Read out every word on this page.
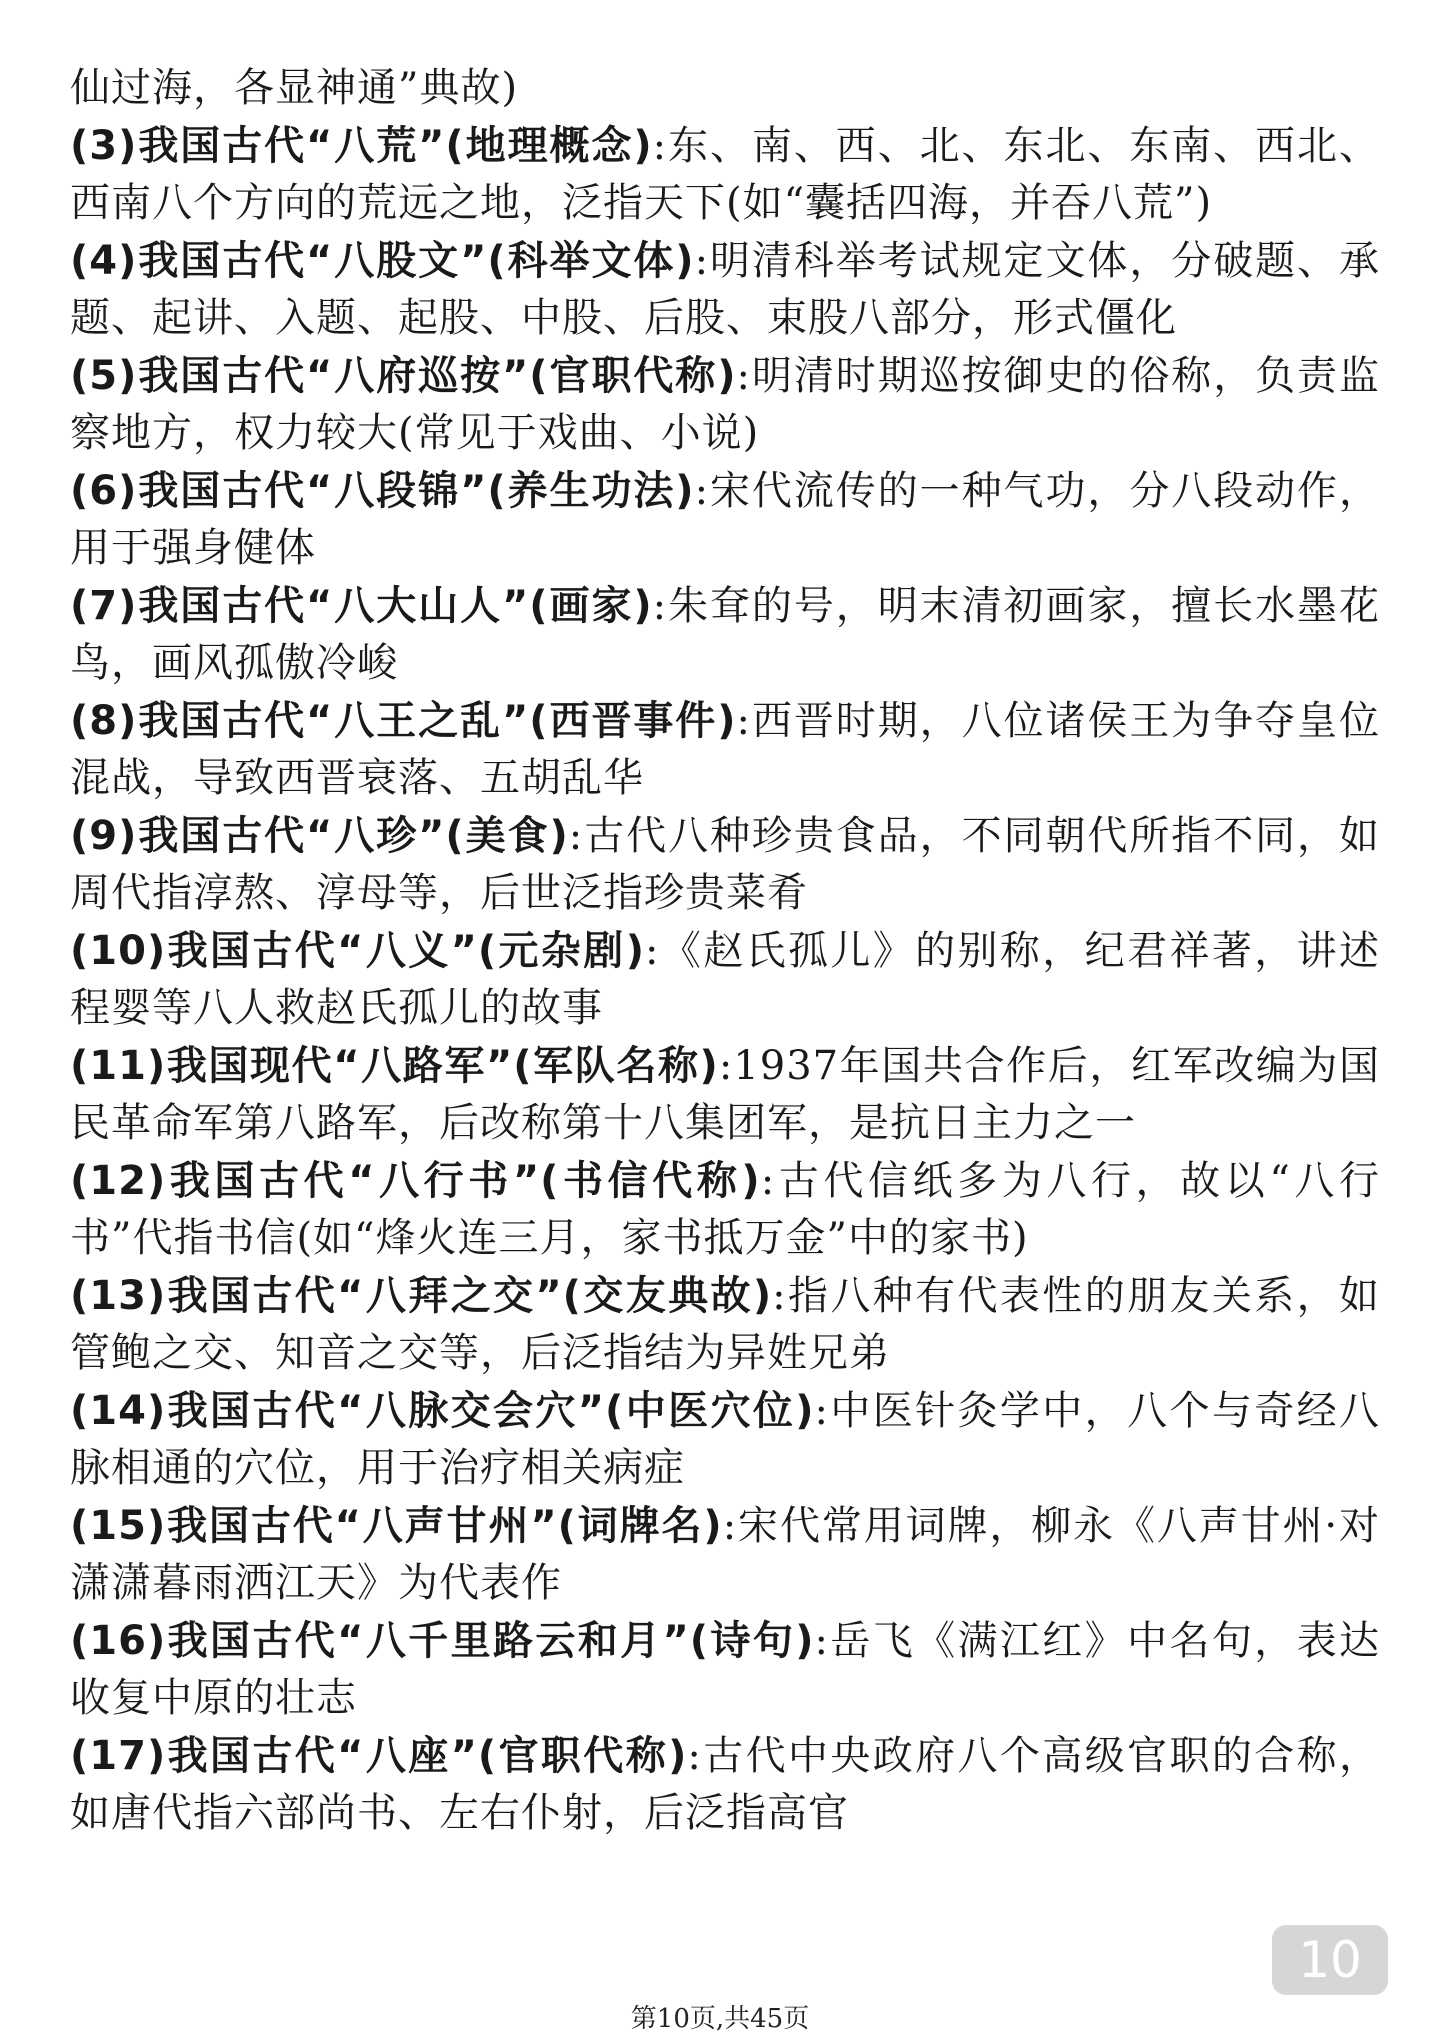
仙过海，各显神通”典故)

(3)我国古代“八荒”(地理概念):东、南、西、北、东北、东南、西北、西南八个方向的荒远之地，泛指天下(如“囊括四海，并吞八荒”)

(4)我国古代“八股文”(科举文体):明清科举考试规定文体，分破题、承题、起讲、入题、起股、中股、后股、束股八部分，形式僵化

(5)我国古代“八府巡按”(官职代称):明清时期巡按御史的俗称，负责监察地方，权力较大(常见于戏曲、小说)

(6)我国古代“八段锦”(养生功法):宋代流传的一种气功，分八段动作，用于强身健体

(7)我国古代“八大山人”(画家):朱耷的号，明末清初画家，擅长水墨花鸟，画风孤傲冷峻

(8)我国古代“八王之乱”(西晋事件):西晋时期，八位诸侯王为争夺皇位混战，导致西晋衰落、五胡乱华

(9)我国古代“八珍”(美食):古代八种珍贵食品，不同朝代所指不同，如周代指淳熬、淳母等，后世泛指珍贵菜肴

(10)我国古代“八义”(元杂剧):《赵氏孤儿》的别称，纪君祥著，讲述程婴等八人救赵氏孤儿的故事

(11)我国现代“八路军”(军队名称):1937年国共合作后，红军改编为国民革命军第八路军，后改称第十八集团军，是抗日主力之一

(12)我国古代“八行书”(书信代称):古代信纸多为八行，故以“八行书”代指书信(如“烽火连三月，家书抵万金”中的家书)

(13)我国古代“八拜之交”(交友典故):指八种有代表性的朋友关系，如管鲍之交、知音之交等，后泛指结为异姓兄弟

(14)我国古代“八脉交会穴”(中医穴位):中医针灸学中，八个与奇经八脉相通的穴位，用于治疗相关病症

(15)我国古代“八声甘州”(词牌名):宋代常用词牌，柳永《八声甘州·对潇潇暮雨洒江天》为代表作

(16)我国古代“八千里路云和月”(诗句):岳飞《满江红》中名句，表达收复中原的壮志

(17)我国古代“八座”(官职代称):古代中央政府八个高级官职的合称，如唐代指六部尚书、左右仆射，后泛指高官

10
第10页,共45页
